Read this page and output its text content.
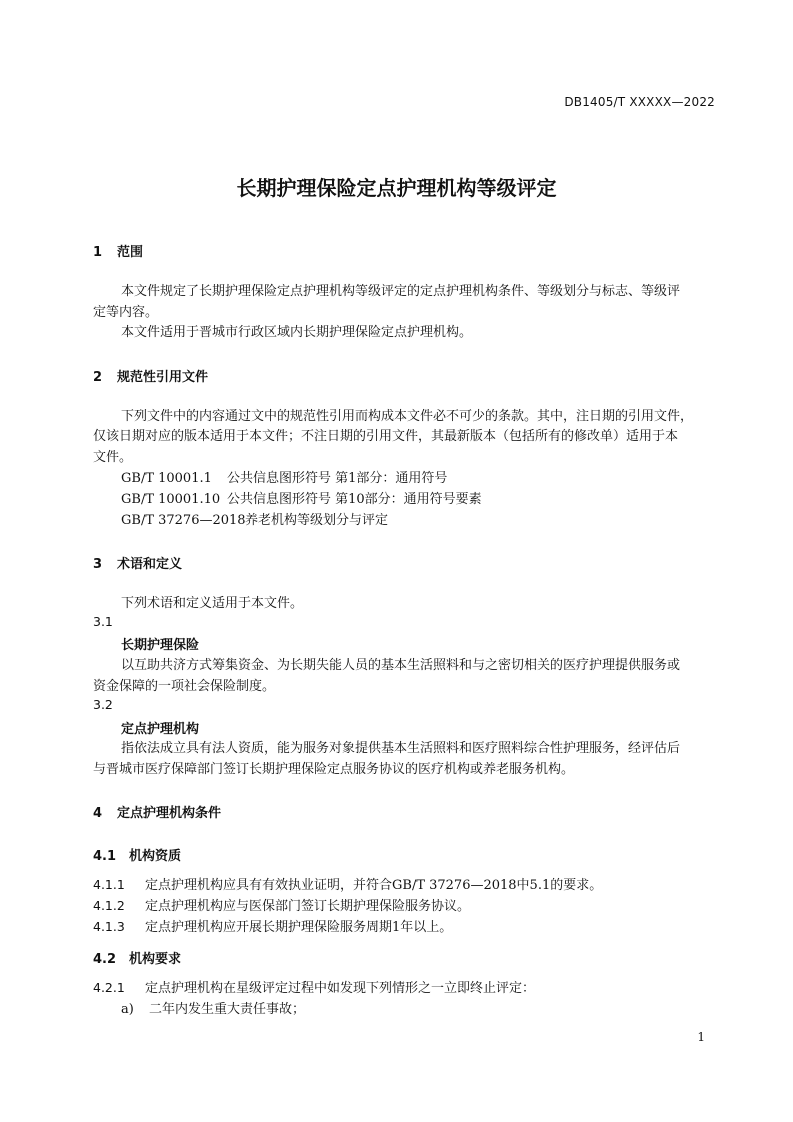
DB1405/T XXXXX—2022
长期护理保险定点护理机构等级评定
1 范围
本文件规定了长期护理保险定点护理机构等级评定的定点护理机构条件、等级划分与标志、等级评
定等内容。
本文件适用于晋城市行政区域内长期护理保险定点护理机构。
2 规范性引用文件
下列文件中的内容通过文中的规范性引用而构成本文件必不可少的条款。其中，注日期的引用文件，
仅该日期对应的版本适用于本文件；不注日期的引用文件，其最新版本（包括所有的修改单）适用于本
文件。
GB/T 10001.1 公共信息图形符号 第1部分：通用符号
GB/T 10001.10 公共信息图形符号 第10部分：通用符号要素
GB/T 37276—2018养老机构等级划分与评定
3 术语和定义
下列术语和定义适用于本文件。
3.1
长期护理保险
以互助共济方式筹集资金、为长期失能人员的基本生活照料和与之密切相关的医疗护理提供服务或
资金保障的一项社会保险制度。
3.2
定点护理机构
指依法成立具有法人资质，能为服务对象提供基本生活照料和医疗照料综合性护理服务，经评估后
与晋城市医疗保障部门签订长期护理保险定点服务协议的医疗机构或养老服务机构。
4 定点护理机构条件
4.1 机构资质
4.1.1 定点护理机构应具有有效执业证明，并符合GB/T 37276—2018中5.1的要求。
4.1.2 定点护理机构应与医保部门签订长期护理保险服务协议。
4.1.3 定点护理机构应开展长期护理保险服务周期1年以上。
4.2 机构要求
4.2.1 定点护理机构在星级评定过程中如发现下列情形之一立即终止评定：
a) 二年内发生重大责任事故；
1
